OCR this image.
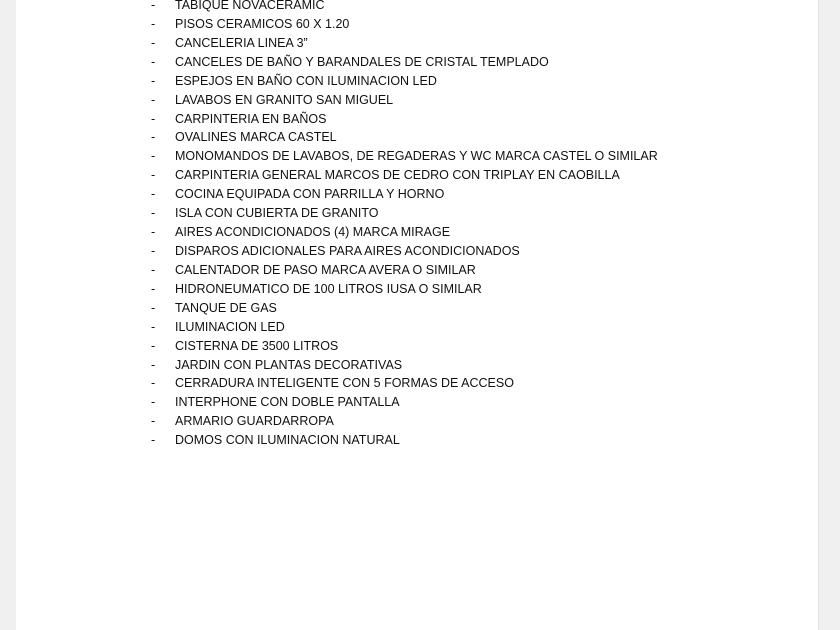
-	TABIQUE NOVACERAMIC
-	PISOS CERAMICOS 60 X 1.20
-	CANCELERIA LINEA 3”
-	CANCELES DE BAÑO Y BARANDALES DE CRISTAL TEMPLADO
-	ESPEJOS EN BAÑO CON ILUMINACION LED
-	LAVABOS EN GRANITO SAN MIGUEL
-	CARPINTERIA EN BAÑOS
-	OVALINES MARCA CASTEL
-	MONOMANDOS DE LAVABOS, DE REGADERAS Y WC MARCA CASTEL O SIMILAR
-	CARPINTERIA GENERAL MARCOS DE CEDRO CON TRIPLAY EN CAOBILLA
-	COCINA EQUIPADA CON PARRILLA Y HORNO
-	ISLA CON CUBIERTA DE GRANITO
-	AIRES ACONDICIONADOS (4) MARCA MIRAGE
-	DISPAROS ADICIONALES PARA AIRES ACONDICIONADOS
-	CALENTADOR DE PASO MARCA AVERA O SIMILAR
-	HIDRONEUMATICO DE 100 LITROS IUSA O SIMILAR
-	TANQUE DE GAS
-	ILUMINACION LED
-	CISTERNA DE 3500 LITROS
-	JARDIN CON PLANTAS DECORATIVAS
-	CERRADURA INTELIGENTE CON 5 FORMAS DE ACCESO
-	INTERPHONE CON DOBLE PANTALLA
-	ARMARIO GUARDARROPA
-	DOMOS CON ILUMINACION NATURAL
